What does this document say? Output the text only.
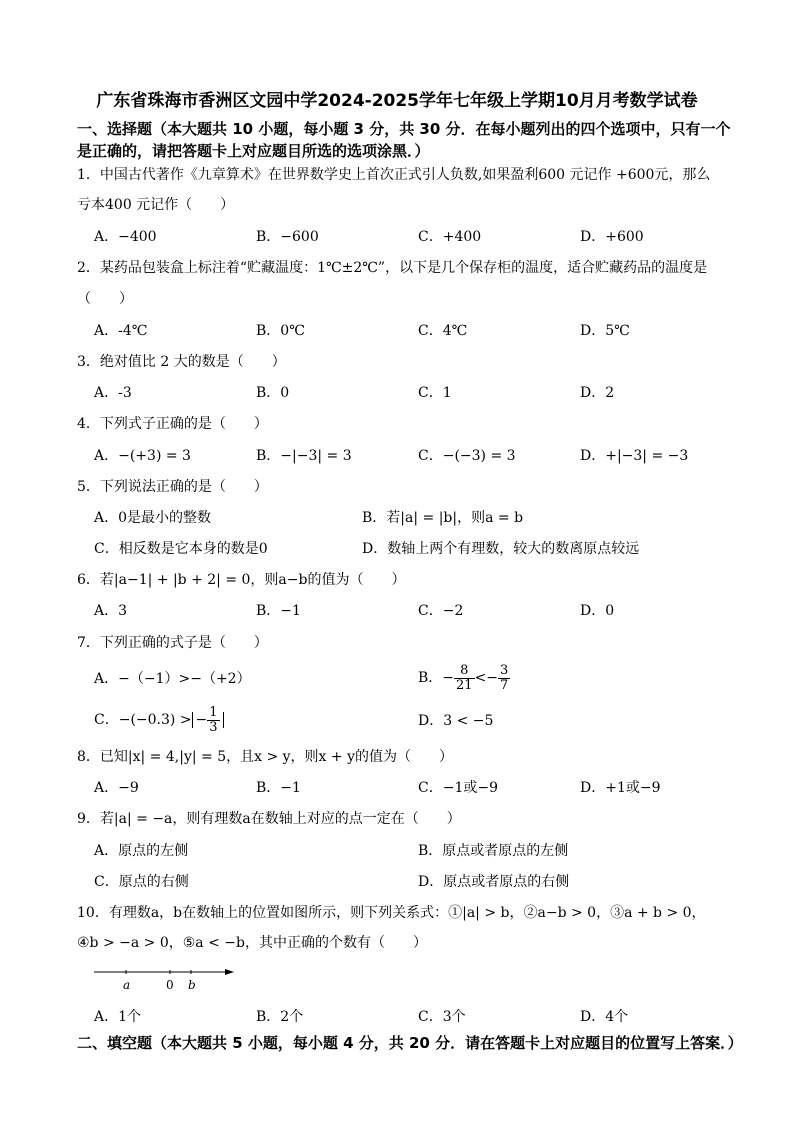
广东省珠海市香洲区文园中学2024-2025学年七年级上学期10月月考数学试卷
一、选择题（本大题共 10 小题，每小题 3 分，共 30 分．在每小题列出的四个选项中，只有一个
是正确的，请把答题卡上对应题目所选的选项涂黑．）
1．中国古代著作《九章算术》在世界数学史上首次正式引人负数,如果盈利600 元记作 +600元，那么
亏本400 元记作（　　）
A．−400	B．−600	C．+400	D．+600
2．某药品包装盒上标注着“贮藏温度：1℃±2℃”，以下是几个保存柜的温度，适合贮藏药品的温度是
（　　）
A．-4℃	B．0℃	C．4℃	D．5℃
3．绝对值比 2 大的数是（　　）
A．-3	B．0	C．1	D．2
4．下列式子正确的是（　　）
A．−(+3) = 3	B．−|−3| = 3	C．−(−3) = 3	D．+|−3| = −3
5．下列说法正确的是（　　）
A．0是最小的整数	B．若|a| = |b|，则a = b
C．相反数是它本身的数是0	D．数轴上两个有理数，较大的数离原点较远
6．若|a−1| + |b + 2| = 0，则a−b的值为（　　）
A．3	B．−1	C．−2	D．0
7．下列正确的式子是（　　）
A．−（−1）>−（+2）	B．− $\frac{8}{21} <- \frac{3}{7}$
C．−(−0.3) > − $\frac{1}{3}$	D．3 < −5
8．已知|x| = 4,|y| = 5，且x > y，则x + y的值为（　　）
A．−9	B．−1	C．−1或−9	D．+1或−9
9．若|a| = −a，则有理数a在数轴上对应的点一定在（　　）
A．原点的左侧	B．原点或者原点的左侧
C．原点的右侧	D．原点或者原点的右侧
10．有理数a，b在数轴上的位置如图所示，则下列关系式：①|a| > b，②a−b > 0，③a + b > 0，
④b > −a > 0，⑤a < −b，其中正确的个数有（　　）
a	0 b
A．1个	B．2个	C．3个	D．4个
二、填空题（本大题共 5 小题，每小题 4 分，共 20 分．请在答题卡上对应题目的位置写上答案．）
